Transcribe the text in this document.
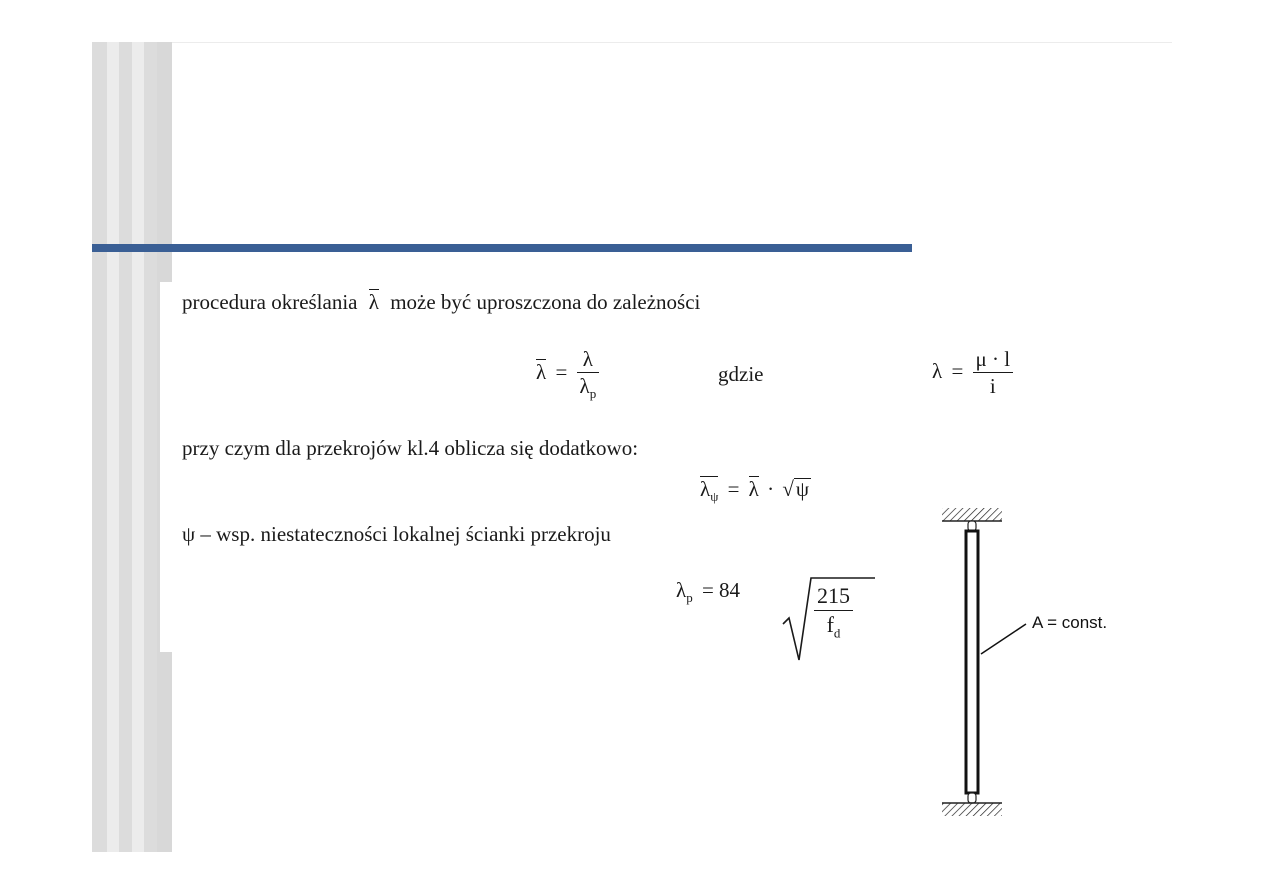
procedura określania λ może być uproszczona do zależności
$\lambda = \frac{\lambda}{\lambda_p}$	gdzie	$\lambda = \frac{\mu \cdot l}{i}$
przy czym dla przekrojów kl.4 oblicza się dodatkowo:
$\lambda_\psi = \lambda \cdot √\psi$
ψ – wsp. niestateczności lokalnej ścianki przekroju
$\lambda_p = 84$	$\frac{215}{f_d}$	A = const.
